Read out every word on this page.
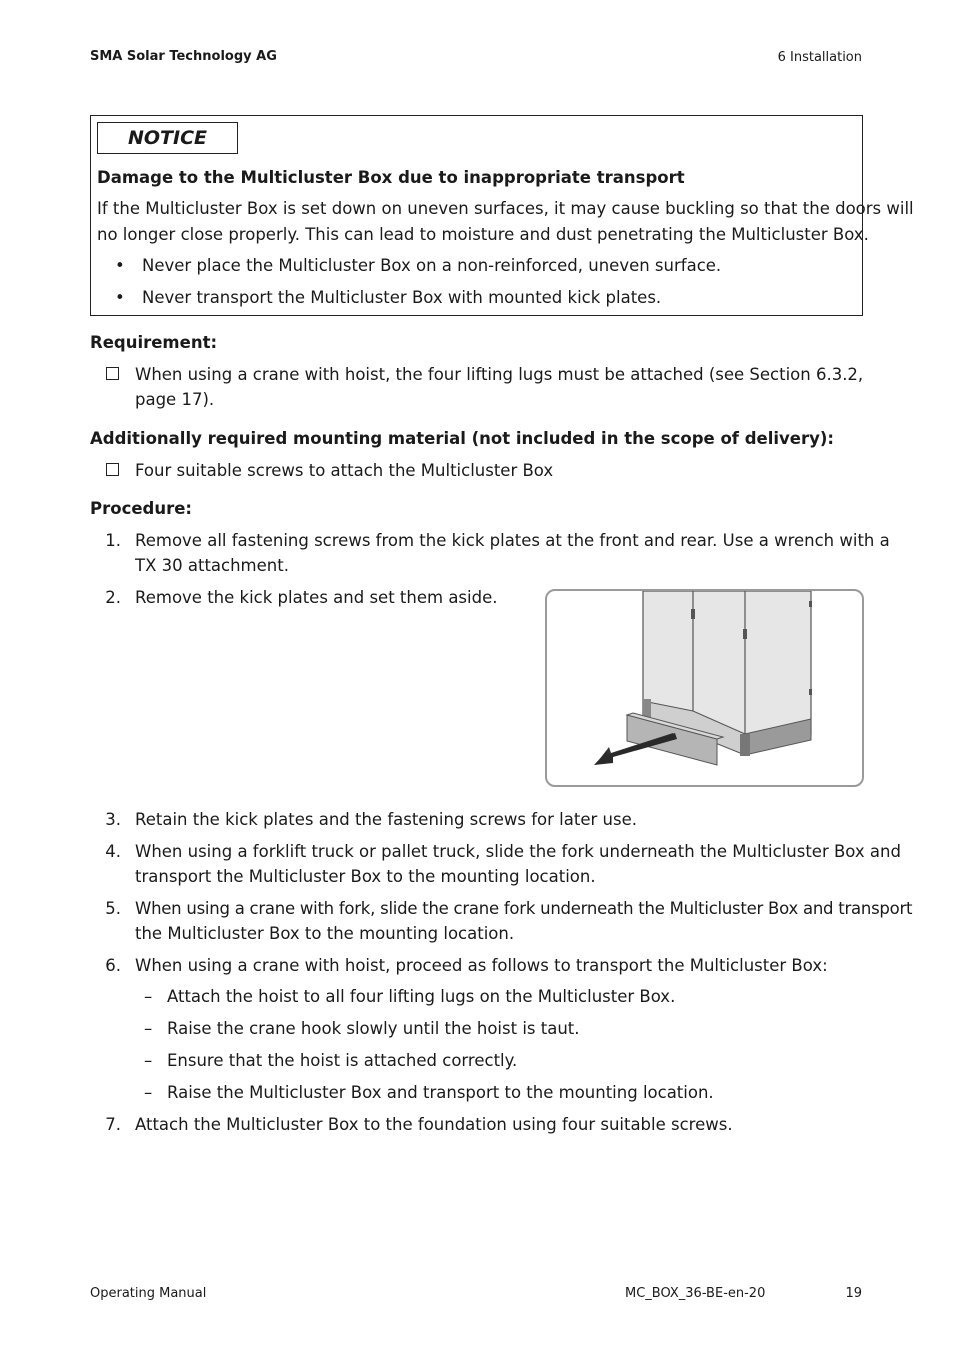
SMA Solar Technology AG	6 Installation
NOTICE
Damage to the Multicluster Box due to inappropriate transport
If the Multicluster Box is set down on uneven surfaces, it may cause buckling so that the doors will
no longer close properly. This can lead to moisture and dust penetrating the Multicluster Box.
• Never place the Multicluster Box on a non-reinforced, uneven surface.
• Never transport the Multicluster Box with mounted kick plates.
Requirement:
When using a crane with hoist, the four lifting lugs must be attached (see Section 6.3.2,
page 17).
Additionally required mounting material (not included in the scope of delivery):
Four suitable screws to attach the Multicluster Box
Procedure:
1. Remove all fastening screws from the kick plates at the front and rear. Use a wrench with a
TX 30 attachment.
2. Remove the kick plates and set them aside.
3. Retain the kick plates and the fastening screws for later use.
4. When using a forklift truck or pallet truck, slide the fork underneath the Multicluster Box and
transport the Multicluster Box to the mounting location.
5. When using a crane with fork, slide the crane fork underneath the Multicluster Box and transport
the Multicluster Box to the mounting location.
6. When using a crane with hoist, proceed as follows to transport the Multicluster Box:
– Attach the hoist to all four lifting lugs on the Multicluster Box.
– Raise the crane hook slowly until the hoist is taut.
– Ensure that the hoist is attached correctly.
– Raise the Multicluster Box and transport to the mounting location.
7. Attach the Multicluster Box to the foundation using four suitable screws.
Operating Manual	MC_BOX_36-BE-en-20	19
